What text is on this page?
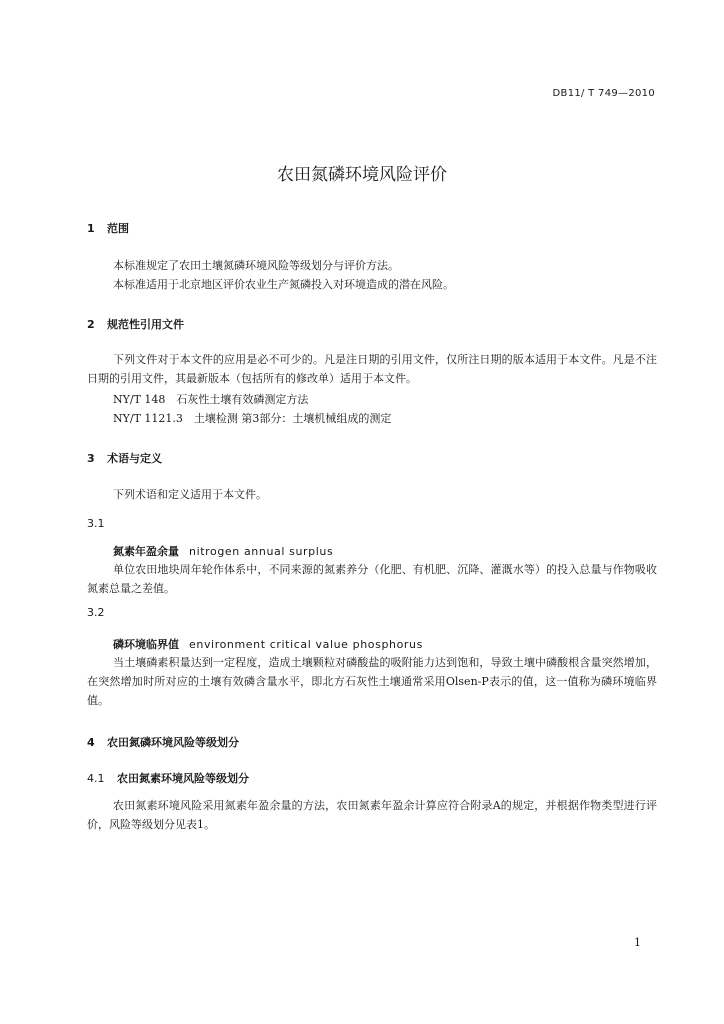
DB11/ T 749—2010
农田氮磷环境风险评价
1 范围
本标准规定了农田土壤氮磷环境风险等级划分与评价方法。
本标准适用于北京地区评价农业生产氮磷投入对环境造成的潜在风险。
2 规范性引用文件
下列文件对于本文件的应用是必不可少的。凡是注日期的引用文件，仅所注日期的版本适用于本文件。凡是不注日期的引用文件，其最新版本（包括所有的修改单）适用于本文件。
NY/T 148　石灰性土壤有效磷测定方法
NY/T 1121.3　土壤检测 第3部分：土壤机械组成的测定
3 术语与定义
下列术语和定义适用于本文件。
3.1
氮素年盈余量 nitrogen annual surplus
单位农田地块周年轮作体系中，不同来源的氮素养分（化肥、有机肥、沉降、灌溉水等）的投入总量与作物吸收氮素总量之差值。
3.2
磷环境临界值 environment critical value phosphorus
当土壤磷素积量达到一定程度，造成土壤颗粒对磷酸盐的吸附能力达到饱和，导致土壤中磷酸根含量突然增加，在突然增加时所对应的土壤有效磷含量水平，即北方石灰性土壤通常采用Olsen-P表示的值，这一值称为磷环境临界值。
4 农田氮磷环境风险等级划分
4.1 农田氮素环境风险等级划分
农田氮素环境风险采用氮素年盈余量的方法，农田氮素年盈余计算应符合附录A的规定，并根据作物类型进行评价，风险等级划分见表1。
1
